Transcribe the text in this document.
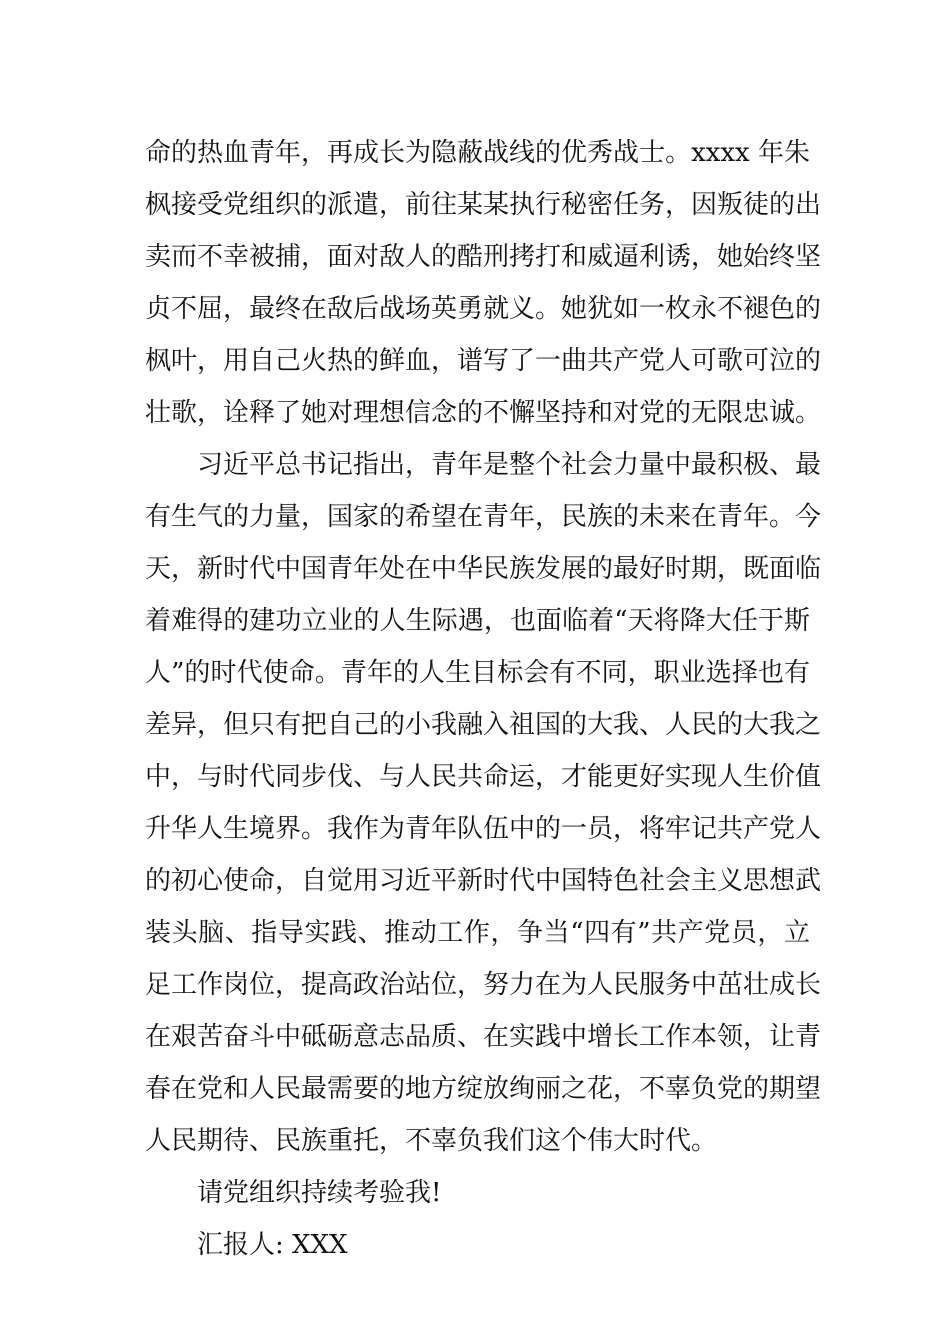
命的热血青年，再成长为隐蔽战线的优秀战士。xxxx 年朱
枫接受党组织的派遣，前往某某执行秘密任务，因叛徒的出
卖而不幸被捕，面对敌人的酷刑拷打和威逼利诱，她始终坚
贞不屈，最终在敌后战场英勇就义。她犹如一枚永不褪色的
枫叶，用自己火热的鲜血，谱写了一曲共产党人可歌可泣的
壮歌，诠释了她对理想信念的不懈坚持和对党的无限忠诚。
习近平总书记指出，青年是整个社会力量中最积极、最
有生气的力量，国家的希望在青年，民族的未来在青年。今
天，新时代中国青年处在中华民族发展的最好时期，既面临
着难得的建功立业的人生际遇，也面临着“天将降大任于斯
人”的时代使命。青年的人生目标会有不同，职业选择也有
差异，但只有把自己的小我融入祖国的大我、人民的大我之
中，与时代同步伐、与人民共命运，才能更好实现人生价值
升华人生境界。我作为青年队伍中的一员，将牢记共产党人
的初心使命，自觉用习近平新时代中国特色社会主义思想武
装头脑、指导实践、推动工作，争当“四有”共产党员，立
足工作岗位，提高政治站位，努力在为人民服务中茁壮成长
在艰苦奋斗中砥砺意志品质、在实践中增长工作本领，让青
春在党和人民最需要的地方绽放绚丽之花，不辜负党的期望
人民期待、民族重托，不辜负我们这个伟大时代。
请党组织持续考验我!
汇报人: XXX
